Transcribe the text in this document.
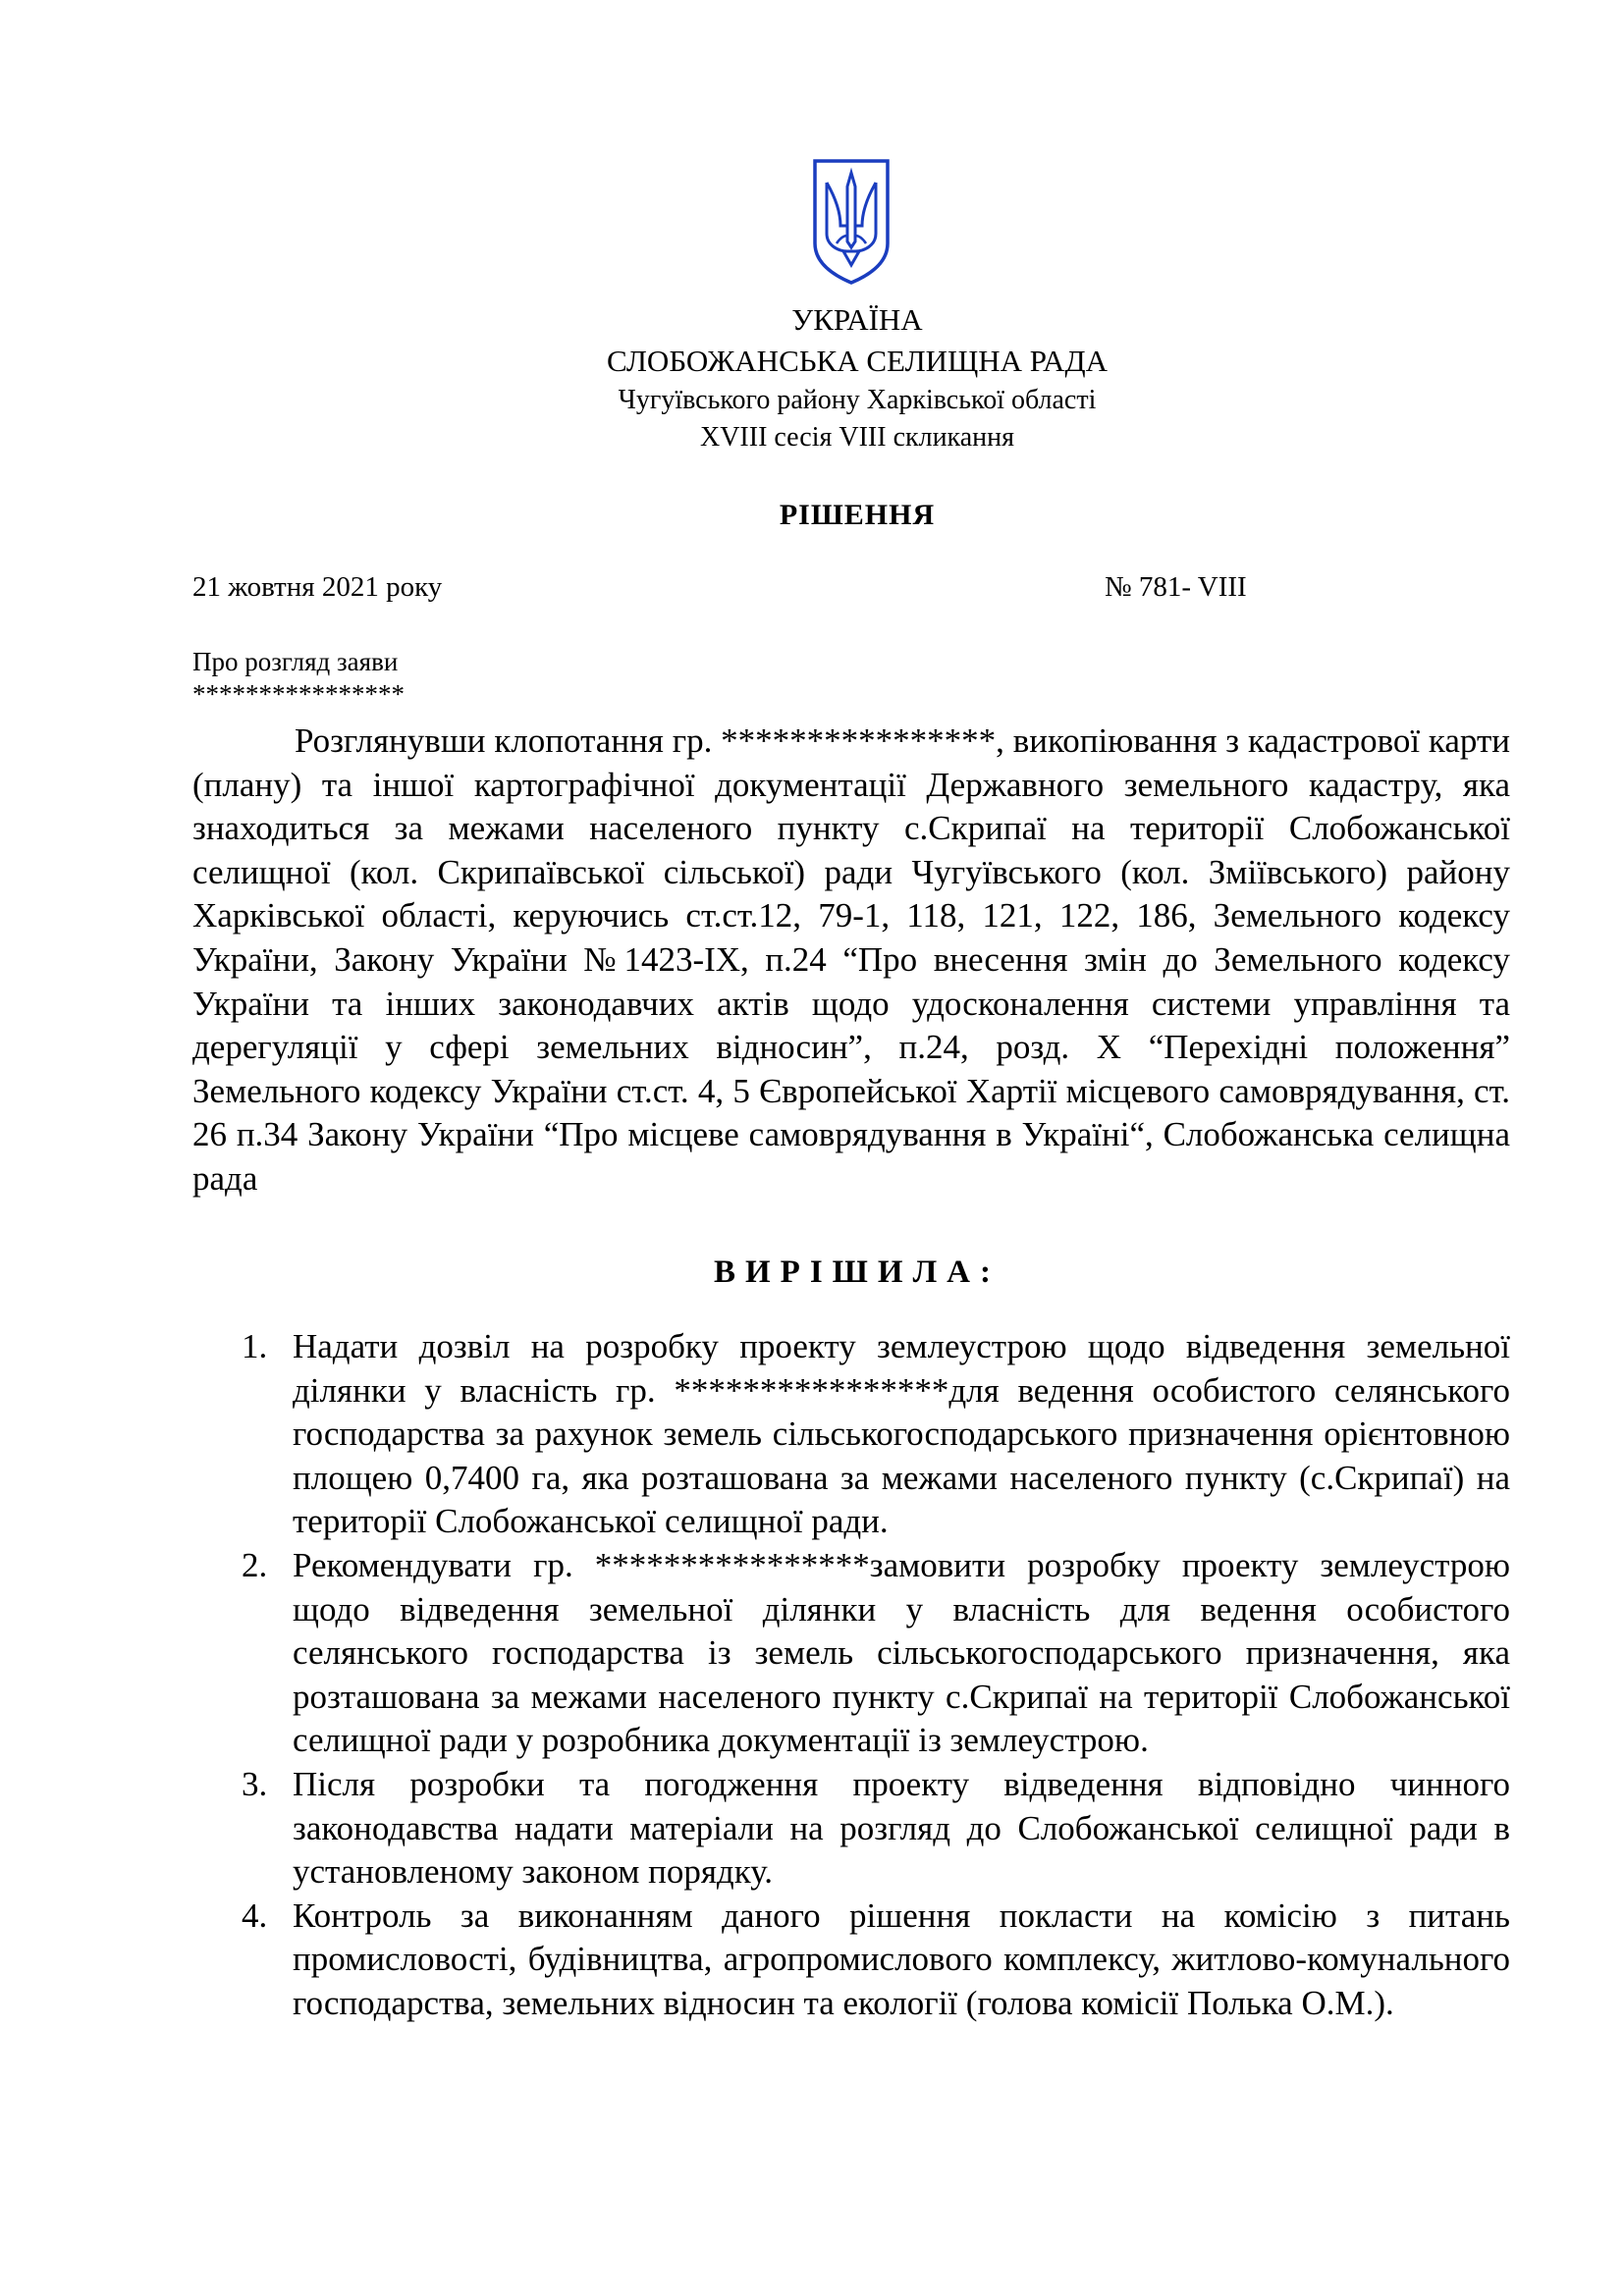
УКРАЇНА
СЛОБОЖАНСЬКА СЕЛИЩНА РАДА
Чугуївського району Харківської області
XVIII сесія VIII скликання
РІШЕННЯ
21 жовтня 2021 року	№ 781- VIII
Про розгляд заяви
****************

Розглянувши клопотання гр. ****************, викопіювання з кадастрової карти (плану) та іншої картографічної документації Державного земельного кадастру, яка знаходиться за межами населеного пункту с.Скрипаї на території Слобожанської селищної (кол. Скрипаївської сільської) ради Чугуївського (кол. Зміївського) району Харківської області, керуючись ст.ст.12, 79-1, 118, 121, 122, 186, Земельного кодексу України, Закону України №1423-ІХ, п.24 “Про внесення змін до Земельного кодексу України та інших законодавчих актів щодо удосконалення системи управління та дерегуляції у сфері земельних відносин”, п.24, розд. Х “Перехідні положення” Земельного кодексу України ст.ст. 4, 5 Європейської Хартії місцевого самоврядування, ст. 26 п.34 Закону України “Про місцеве самоврядування в Україні“, Слобожанська селищна рада

ВИРІШИЛА:
1. Надати дозвіл на розробку проекту землеустрою щодо відведення земельної ділянки у власність гр. ****************для ведення особистого селянського господарства за рахунок земель сільськогосподарського призначення орієнтовною площею 0,7400 га, яка розташована за межами населеного пункту (с.Скрипаї) на території Слобожанської селищної ради.
2. Рекомендувати гр. ****************замовити розробку проекту землеустрою щодо відведення земельної ділянки у власність для ведення особистого селянського господарства із земель сільськогосподарського призначення, яка розташована за межами населеного пункту с.Скрипаї на території Слобожанської селищної ради у розробника документації із землеустрою.
3. Після розробки та погодження проекту відведення відповідно чинного законодавства надати матеріали на розгляд до Слобожанської селищної ради в установленому законом порядку.
4. Контроль за виконанням даного рішення покласти на комісію з питань промисловості, будівництва, агропромислового комплексу, житлово-комунального господарства, земельних відносин та екології (голова комісії Полька О.М.).
